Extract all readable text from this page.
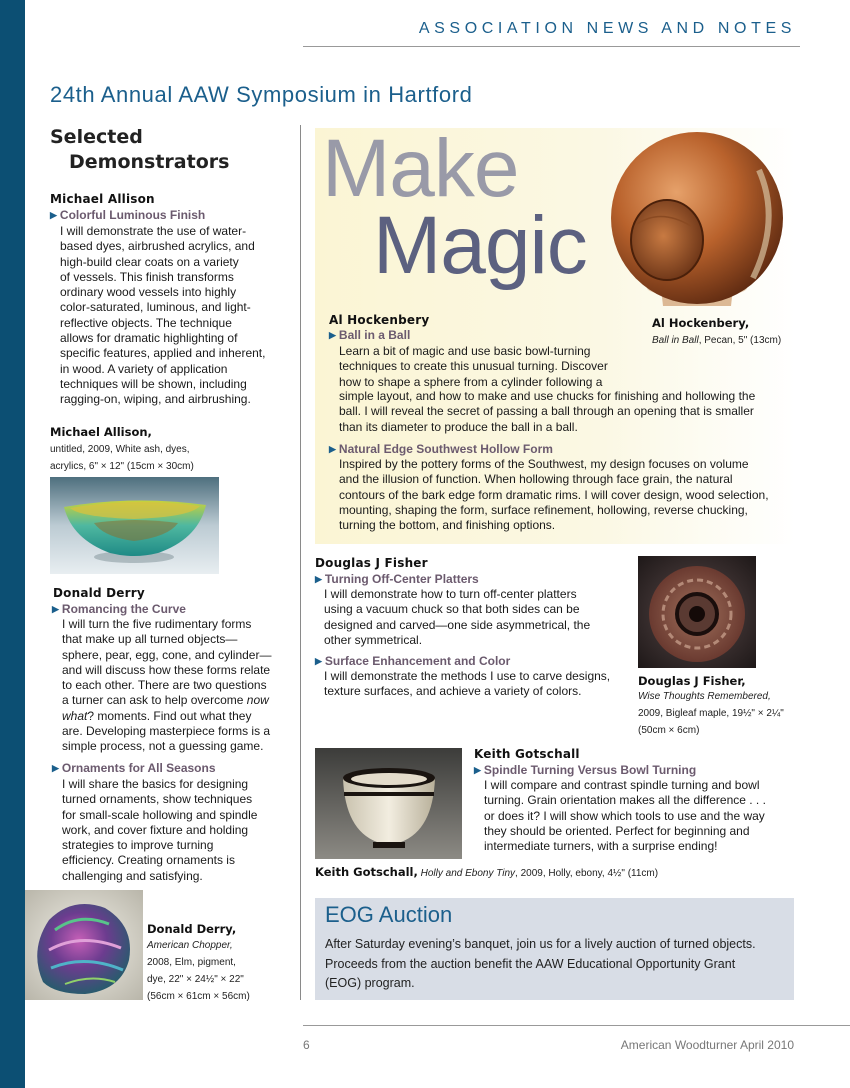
ASSOCIATION NEWS AND NOTES
24th Annual AAW Symposium in Hartford
Selected
Demonstrators
Michael Allison
▶ Colorful Luminous Finish
I will demonstrate the use of water-
based dyes, airbrushed acrylics, and
high-build clear coats on a variety
of vessels. This finish transforms
ordinary wood vessels into highly
color-saturated, luminous, and light-
reflective objects. The technique
allows for dramatic highlighting of
specific features, applied and inherent,
in wood. A variety of application
techniques will be shown, including
ragging-on, wiping, and airbrushing.
Michael Allison,
untitled, 2009, White ash, dyes,
acrylics, 6" × 12" (15cm × 30cm)
Donald Derry
▶ Romancing the Curve
I will turn the five rudimentary forms
that make up all turned objects—
sphere, pear, egg, cone, and cylinder—
and will discuss how these forms relate
to each other. There are two questions
a turner can ask to help overcome now
what? moments. Find out what they
are. Developing masterpiece forms is a
simple process, not a guessing game.
▶ Ornaments for All Seasons
I will share the basics for designing
turned ornaments, show techniques
for small-scale hollowing and spindle
work, and cover fixture and holding
strategies to improve turning
efficiency. Creating ornaments is
challenging and satisfying.
Donald Derry,
American Chopper,
2008, Elm, pigment,
dye, 22" × 24½" × 22"
(56cm × 61cm × 56cm)
Make
Magic
Al Hockenbery,
Ball in Ball, Pecan, 5" (13cm)
Al Hockenbery
▶ Ball in a Ball
Learn a bit of magic and use basic bowl-turning
techniques to create this unusual turning. Discover
how to shape a sphere from a cylinder following a
simple layout, and how to make and use chucks for finishing and hollowing the
ball. I will reveal the secret of passing a ball through an opening that is smaller
than its diameter to produce the ball in a ball.
▶ Natural Edge Southwest Hollow Form
Inspired by the pottery forms of the Southwest, my design focuses on volume
and the illusion of function. When hollowing through face grain, the natural
contours of the bark edge form dramatic rims. I will cover design, wood selection,
mounting, shaping the form, surface refinement, hollowing, reverse chucking,
turning the bottom, and finishing options.
Douglas J Fisher
▶ Turning Off-Center Platters
I will demonstrate how to turn off-center platters
using a vacuum chuck so that both sides can be
designed and carved—one side asymmetrical, the
other symmetrical.
▶ Surface Enhancement and Color
I will demonstrate the methods I use to carve designs,
texture surfaces, and achieve a variety of colors.
Douglas J Fisher,
Wise Thoughts Remembered,
2009, Bigleaf maple, 19½" × 2¼"
(50cm × 6cm)
Keith Gotschall
▶ Spindle Turning Versus Bowl Turning
I will compare and contrast spindle turning and bowl
turning. Grain orientation makes all the difference . . .
or does it? I will show which tools to use and the way
they should be oriented. Perfect for beginning and
intermediate turners, with a surprise ending!
Keith Gotschall, Holly and Ebony Tiny, 2009, Holly, ebony, 4½" (11cm)
EOG Auction
After Saturday evening’s banquet, join us for a lively auction of turned objects.
Proceeds from the auction benefit the AAW Educational Opportunity Grant
(EOG) program.
6	American Woodturner April 2010
